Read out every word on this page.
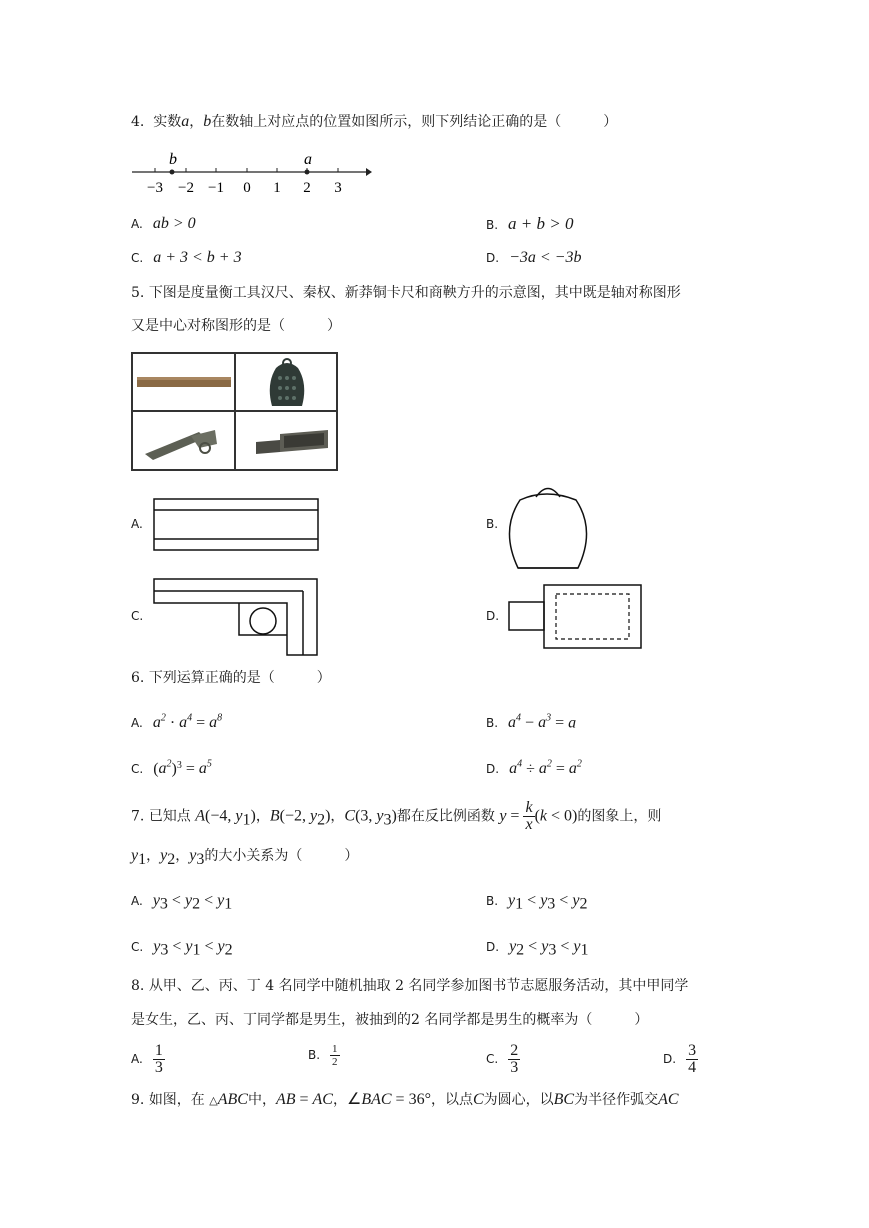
4. 实数a，b在数轴上对应点的位置如图所示，则下列结论正确的是（　　　）
b	a
−3 −2 −1 0 1 2 3
A. ab > 0	B. a + b > 0
C. a + 3 < b + 3	D. −3a < −3b
5. 下图是度量衡工具汉尺、秦权、新莽铜卡尺和商鞅方升的示意图，其中既是轴对称图形
又是中心对称图形的是（　　　）
A.	B.
C.	D.
6. 下列运算正确的是（　　　）
A. $a^2 \cdot a^4 = a^8$	B. $a^4 - a^3 = a$
C. $(a^2)^3 = a^5$	D. $a^4 \div a^2 = a^2$
7. 已知点 A(−4, $y_1$)，B(−2, $y_2$)，C(3, $y_3$)都在反比例函数 $y = \frac{k}{x} (k < 0)$的图象上，则
$y_1$，$y_2$，$y_3$的大小关系为（　　　）
A. $y_3 < y_2 < y_1$	B. $y_1 < y_3 < y_2$
C. $y_3 < y_1 < y_2$	D. $y_2 < y_3 < y_1$
8. 从甲、乙、丙、丁 4 名同学中随机抽取 2 名同学参加图书节志愿服务活动，其中甲同学
是女生，乙、丙、丁同学都是男生，被抽到的2 名同学都是男生的概率为（　　　）
A. $\frac{1}{3}$	B. $\frac{1}{2}$	C. $\frac{2}{3}$	D. $\frac{3}{4}$
9. 如图，在 △ABC中，AB = AC，∠BAC = 36°，以点C为圆心，以BC为半径作弧交AC
